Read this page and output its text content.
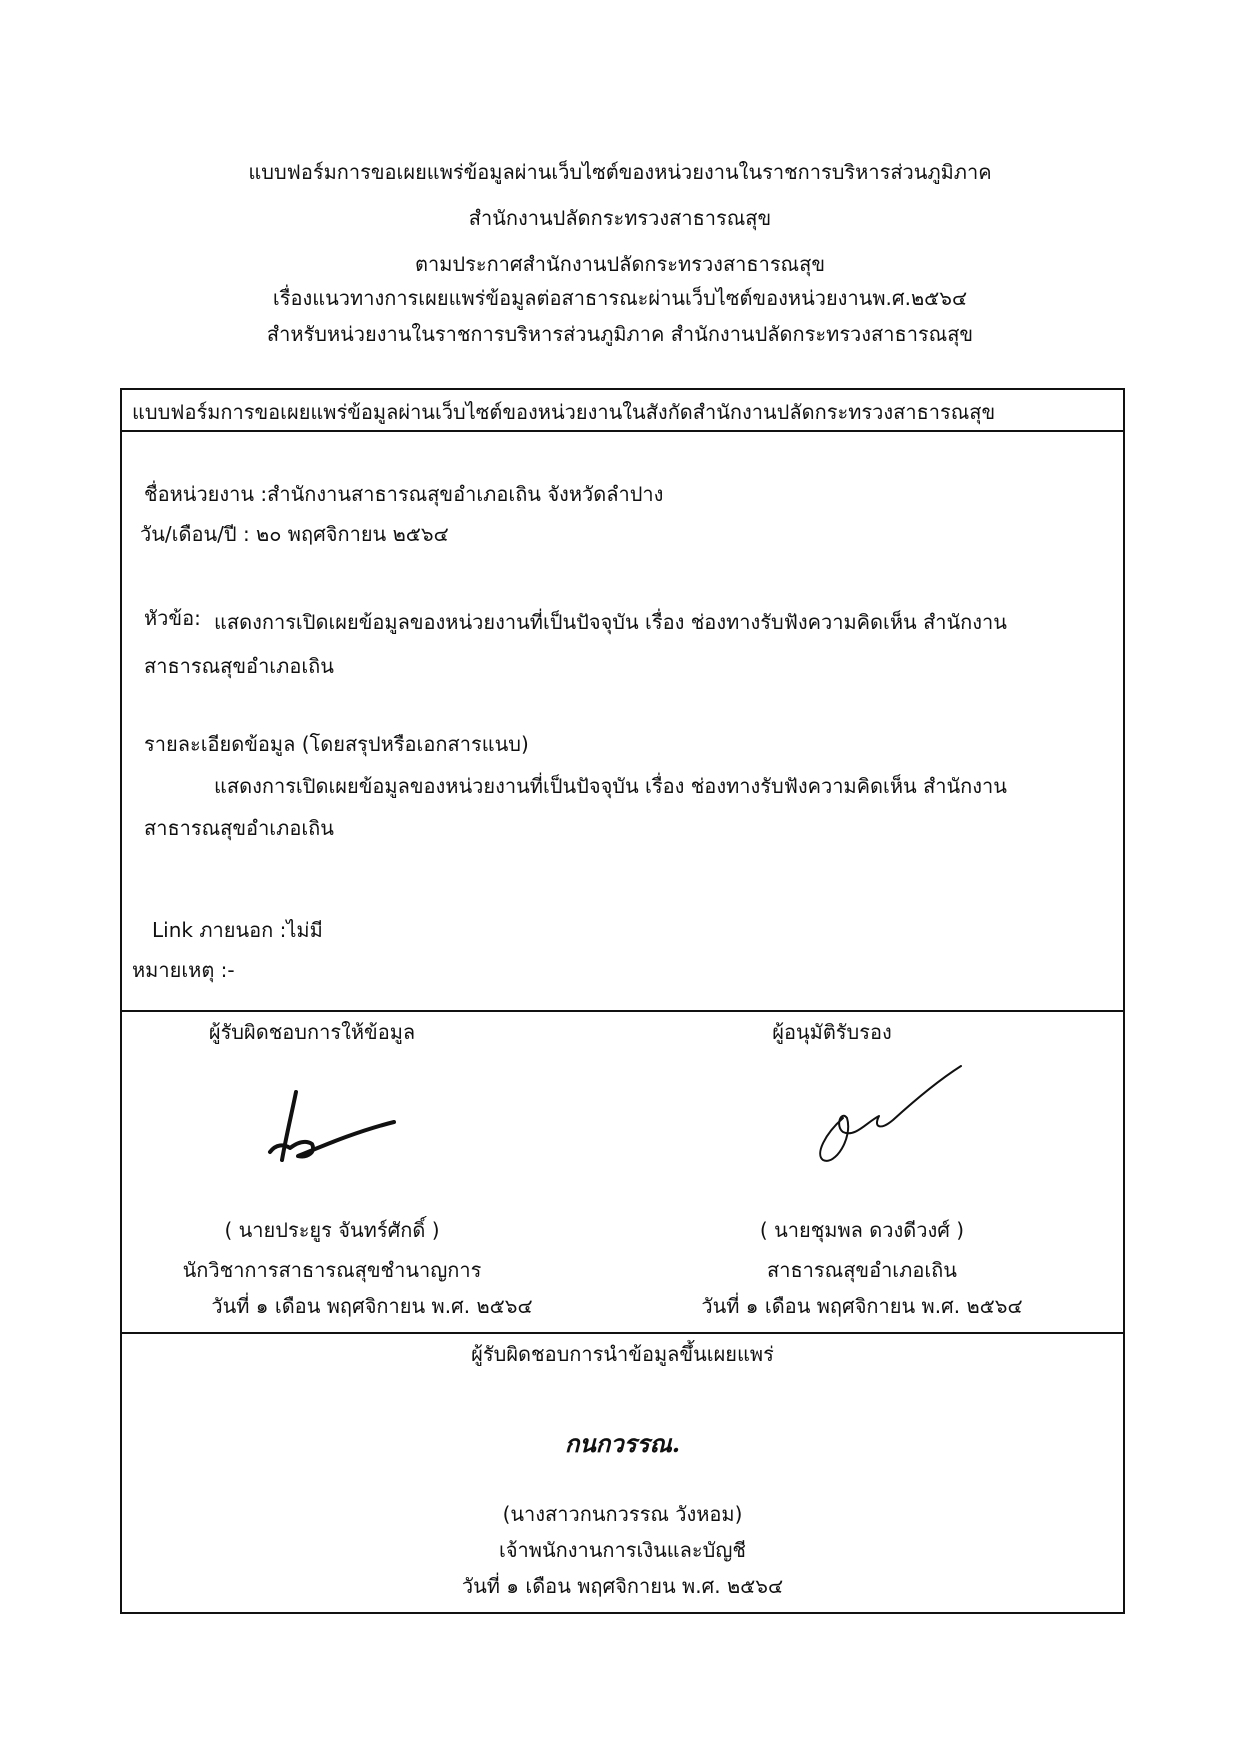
แบบฟอร์มการขอเผยแพร่ข้อมูลผ่านเว็บไซต์ของหน่วยงานในราชการบริหารส่วนภูมิภาค
สำนักงานปลัดกระทรวงสาธารณสุข
ตามประกาศสำนักงานปลัดกระทรวงสาธารณสุข
เรื่องแนวทางการเผยแพร่ข้อมูลต่อสาธารณะผ่านเว็บไซต์ของหน่วยงานพ.ศ.๒๕๖๔
สำหรับหน่วยงานในราชการบริหารส่วนภูมิภาค สำนักงานปลัดกระทรวงสาธารณสุข
แบบฟอร์มการขอเผยแพร่ข้อมูลผ่านเว็บไซต์ของหน่วยงานในสังกัดสำนักงานปลัดกระทรวงสาธารณสุข
ชื่อหน่วยงาน :สำนักงานสาธารณสุขอำเภอเถิน จังหวัดลำปาง
วัน/เดือน/ปี : ๒๐ พฤศจิกายน ๒๕๖๔
หัวข้อ: แสดงการเปิดเผยข้อมูลของหน่วยงานที่เป็นปัจจุบัน เรื่อง ช่องทางรับฟังความคิดเห็น สำนักงาน
สาธารณสุขอำเภอเถิน
รายละเอียดข้อมูล (โดยสรุปหรือเอกสารแนบ)
แสดงการเปิดเผยข้อมูลของหน่วยงานที่เป็นปัจจุบัน เรื่อง ช่องทางรับฟังความคิดเห็น สำนักงาน
สาธารณสุขอำเภอเถิน
Link ภายนอก :ไม่มี
หมายเหตุ :-
ผู้รับผิดชอบการให้ข้อมูล
( นายประยูร จันทร์ศักดิ์ )
นักวิชาการสาธารณสุขชำนาญการ
วันที่ ๑ เดือน พฤศจิกายน พ.ศ. ๒๕๖๔
ผู้อนุมัติรับรอง
( นายชุมพล ดวงดีวงศ์ )
สาธารณสุขอำเภอเถิน
วันที่ ๑ เดือน พฤศจิกายน พ.ศ. ๒๕๖๔
ผู้รับผิดชอบการนำข้อมูลขึ้นเผยแพร่
กนกวรรณ.
(นางสาวกนกวรรณ วังหอม)
เจ้าพนักงานการเงินและบัญชี
วันที่ ๑ เดือน พฤศจิกายน พ.ศ. ๒๕๖๔
